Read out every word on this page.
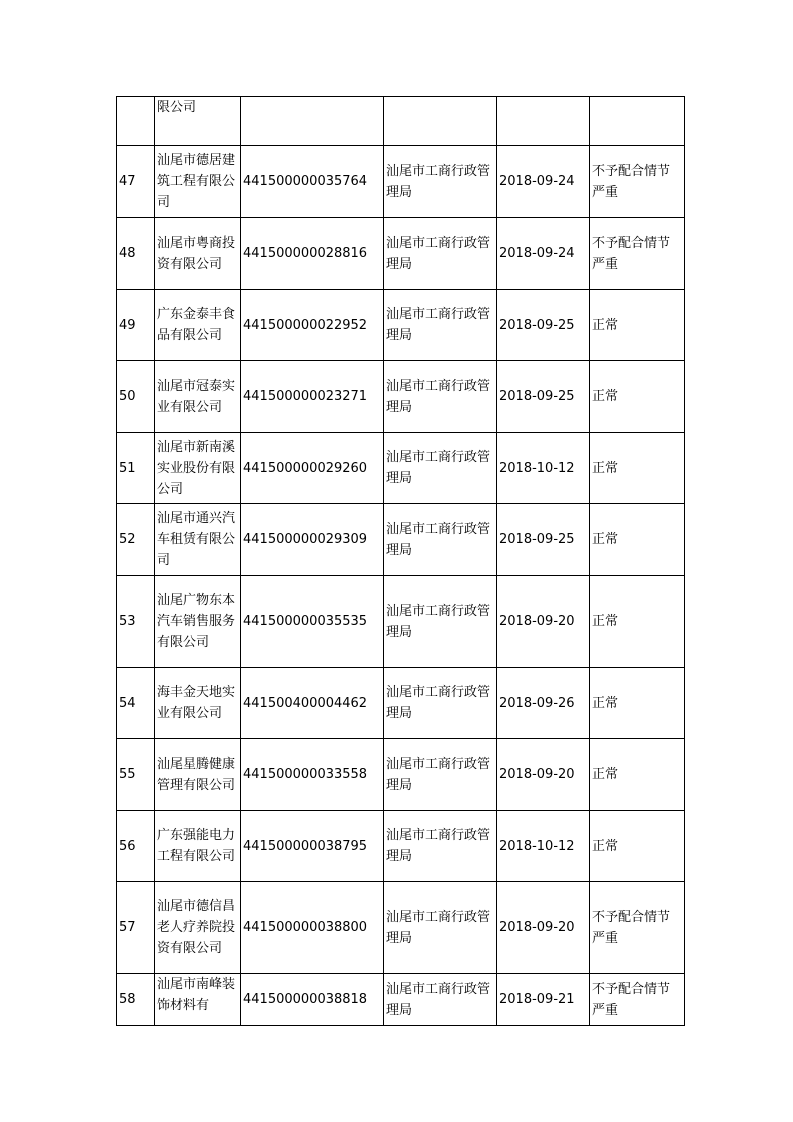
	限公司				
47	汕尾市德居建筑工程有限公司	441500000035764	汕尾市工商行政管理局	2018-09-24	不予配合情节严重
48	汕尾市粤商投资有限公司	441500000028816	汕尾市工商行政管理局	2018-09-24	不予配合情节严重
49	广东金泰丰食品有限公司	441500000022952	汕尾市工商行政管理局	2018-09-25	正常
50	汕尾市冠泰实业有限公司	441500000023271	汕尾市工商行政管理局	2018-09-25	正常
51	汕尾市新南溪实业股份有限公司	441500000029260	汕尾市工商行政管理局	2018-10-12	正常
52	汕尾市通兴汽车租赁有限公司	441500000029309	汕尾市工商行政管理局	2018-09-25	正常
53	汕尾广物东本汽车销售服务有限公司	441500000035535	汕尾市工商行政管理局	2018-09-20	正常
54	海丰金天地实业有限公司	441500400004462	汕尾市工商行政管理局	2018-09-26	正常
55	汕尾星腾健康管理有限公司	441500000033558	汕尾市工商行政管理局	2018-09-20	正常
56	广东强能电力工程有限公司	441500000038795	汕尾市工商行政管理局	2018-10-12	正常
57	汕尾市德信昌老人疗养院投资有限公司	441500000038800	汕尾市工商行政管理局	2018-09-20	不予配合情节严重
58	汕尾市南峰装饰材料有	441500000038818	汕尾市工商行政管理局	2018-09-21	不予配合情节严重
